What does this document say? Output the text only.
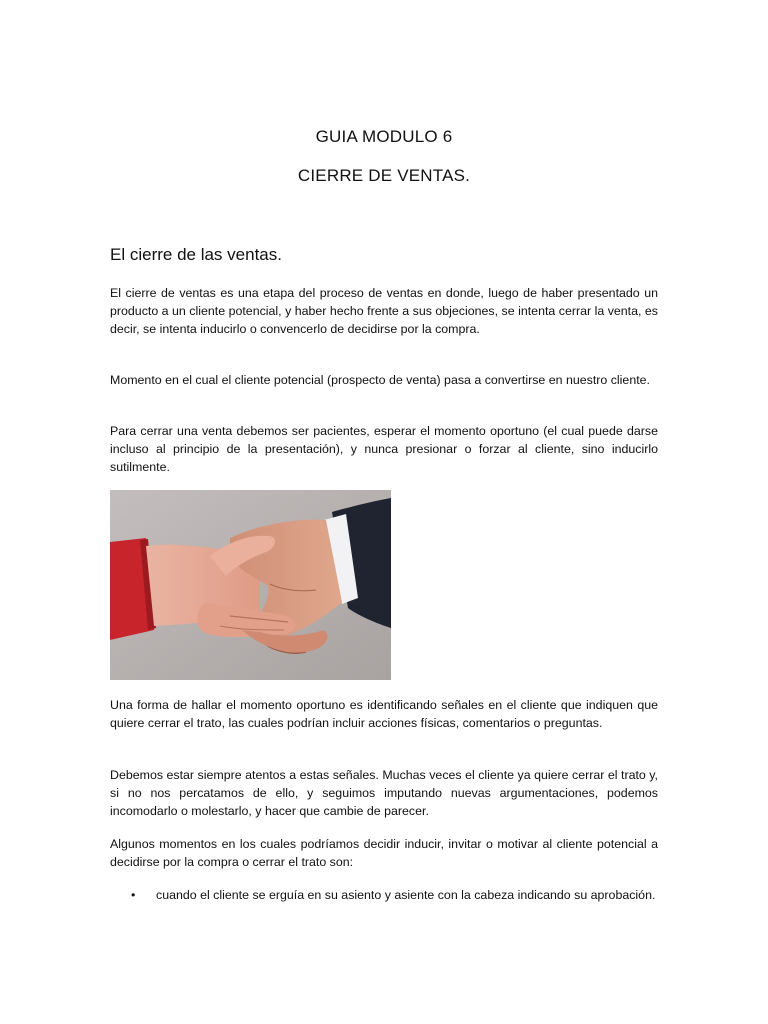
GUIA MODULO 6
CIERRE DE VENTAS.
El cierre de las ventas.

El cierre de ventas es una etapa del proceso de ventas en donde, luego de haber presentado un producto a un cliente potencial, y haber hecho frente a sus objeciones, se intenta cerrar la venta, es decir, se intenta inducirlo o convencerlo de decidirse por la compra.

Momento en el cual el cliente potencial (prospecto de venta) pasa a convertirse en nuestro cliente.

Para cerrar una venta debemos ser pacientes, esperar el momento oportuno (el cual puede darse incluso al principio de la presentación), y nunca presionar o forzar al cliente, sino inducirlo sutilmente.

Una forma de hallar el momento oportuno es identificando señales en el cliente que indiquen que quiere cerrar el trato, las cuales podrían incluir acciones físicas, comentarios o preguntas.

Debemos estar siempre atentos a estas señales. Muchas veces el cliente ya quiere cerrar el trato y, si no nos percatamos de ello, y seguimos imputando nuevas argumentaciones, podemos incomodarlo o molestarlo, y hacer que cambie de parecer.

Algunos momentos en los cuales podríamos decidir inducir, invitar o motivar al cliente potencial a decidirse por la compra o cerrar el trato son:

• cuando el cliente se erguía en su asiento y asiente con la cabeza indicando su aprobación.
